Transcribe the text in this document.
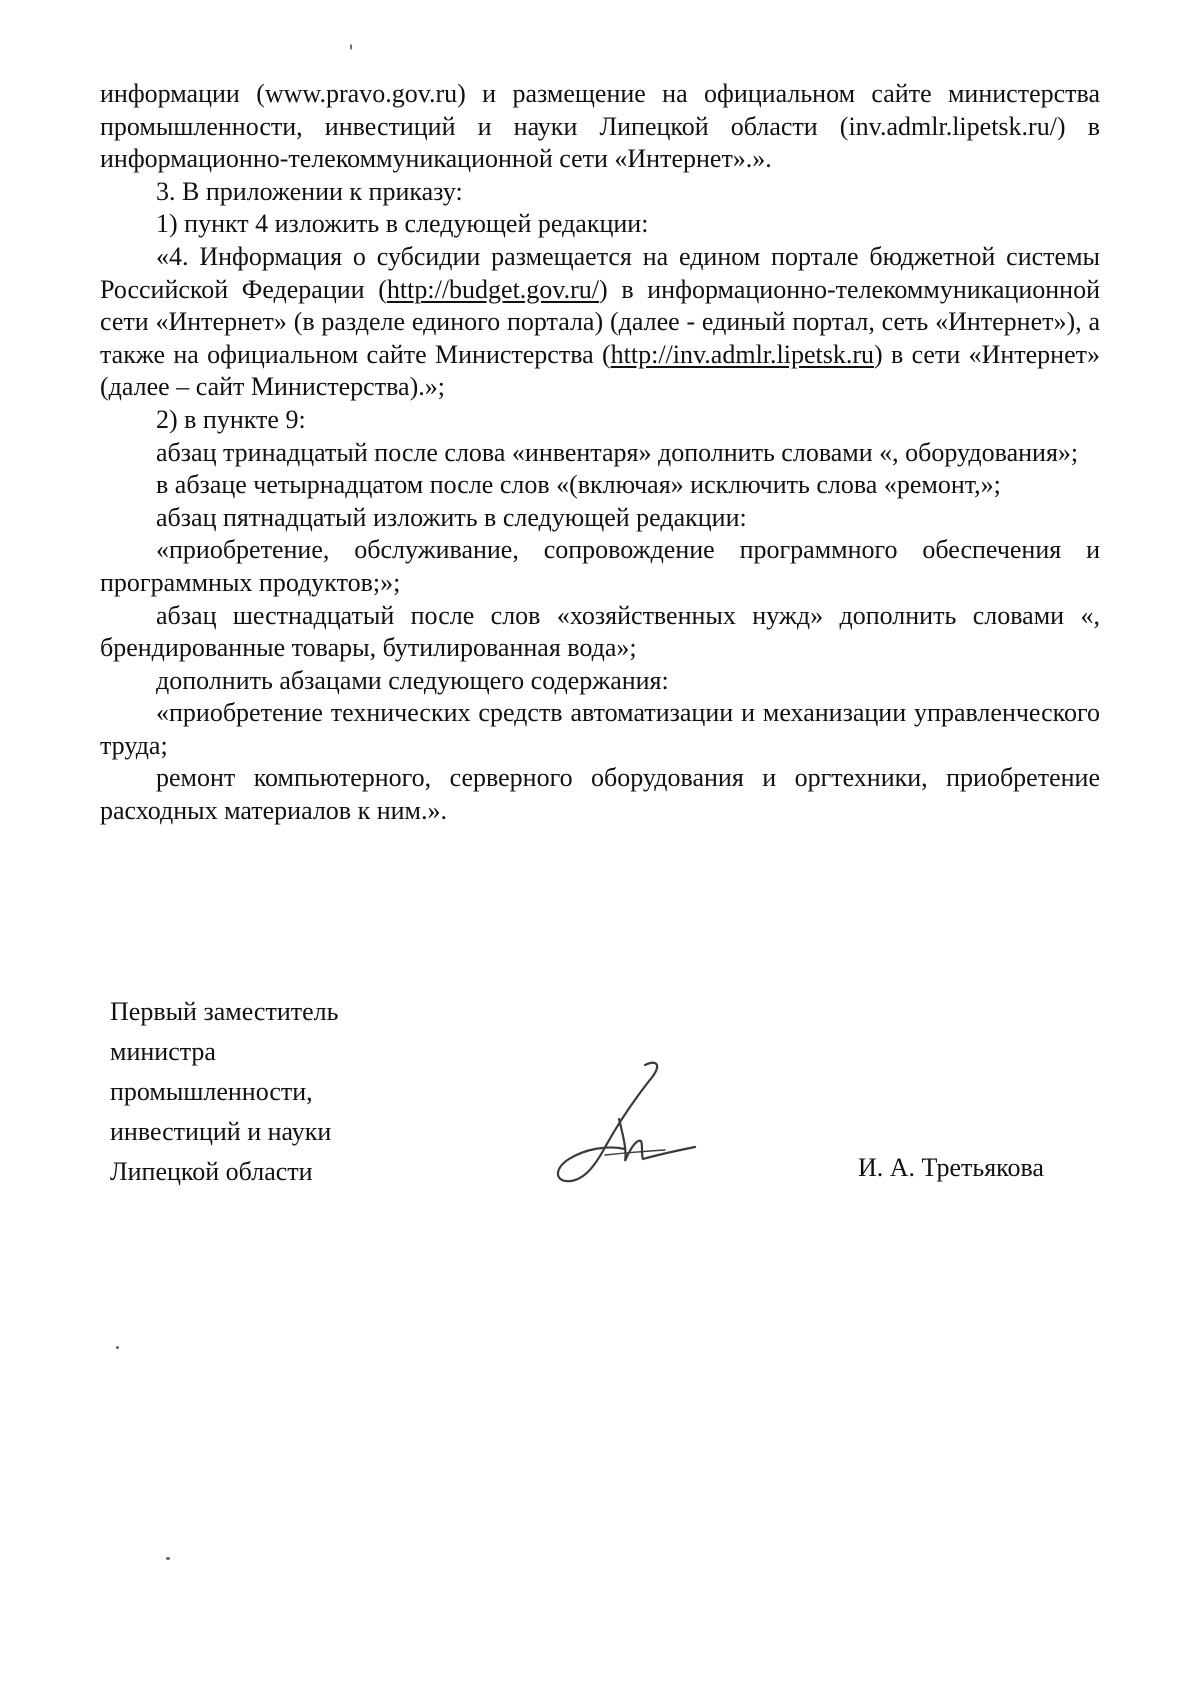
информации (www.pravo.gov.ru) и размещение на официальном сайте министерства промышленности, инвестиций и науки Липецкой области (inv.admlr.lipetsk.ru/) в информационно-телекоммуникационной сети «Интернет».».

3. В приложении к приказу:

1) пункт 4 изложить в следующей редакции:

«4. Информация о субсидии размещается на едином портале бюджетной системы Российской Федерации (http://budget.gov.ru/) в информационно-телекоммуникационной сети «Интернет» (в разделе единого портала) (далее - единый портал, сеть «Интернет»), а также на официальном сайте Министерства (http://inv.admlr.lipetsk.ru) в сети «Интернет» (далее – сайт Министерства).»;

2) в пункте 9:

абзац тринадцатый после слова «инвентаря» дополнить словами «, оборудования»;

в абзаце четырнадцатом после слов «(включая» исключить слова «ремонт,»;

абзац пятнадцатый изложить в следующей редакции:

«приобретение, обслуживание, сопровождение программного обеспечения и программных продуктов;»;

абзац шестнадцатый после слов «хозяйственных нужд» дополнить словами «, брендированные товары, бутилированная вода»;

дополнить абзацами следующего содержания:

«приобретение технических средств автоматизации и механизации управленческого труда;

ремонт компьютерного, серверного оборудования и оргтехники, приобретение расходных материалов к ним.».

Первый заместитель
министра
промышленности,
инвестиций и науки
Липецкой области	И. А. Третьякова
